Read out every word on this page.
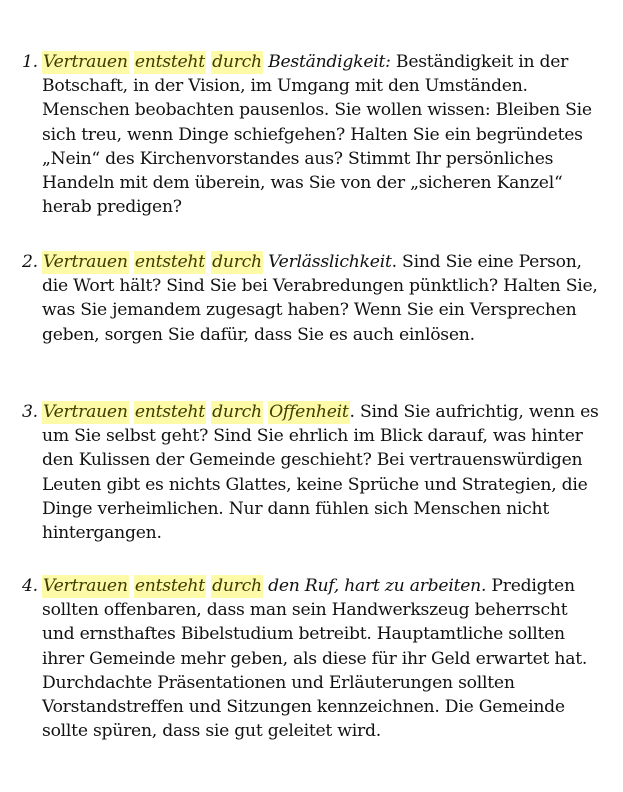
1. Vertrauen entsteht durch Beständigkeit: Beständigkeit in der Botschaft, in der Vision, im Umgang mit den Umständen. Menschen beobachten pausenlos. Sie wollen wissen: Bleiben Sie sich treu, wenn Dinge schiefgehen? Halten Sie ein begründetes „Nein“ des Kirchenvorstandes aus? Stimmt Ihr persönliches Handeln mit dem überein, was Sie von der „sicheren Kanzel“ herab predigen?
2. Vertrauen entsteht durch Verlässlichkeit. Sind Sie eine Person, die Wort hält? Sind Sie bei Verabredungen pünktlich? Halten Sie, was Sie jemandem zugesagt haben? Wenn Sie ein Versprechen geben, sorgen Sie dafür, dass Sie es auch einlösen.
3. Vertrauen entsteht durch Offenheit. Sind Sie aufrichtig, wenn es um Sie selbst geht? Sind Sie ehrlich im Blick darauf, was hinter den Kulissen der Gemeinde geschieht? Bei vertrauenswürdigen Leuten gibt es nichts Glattes, keine Sprüche und Strategien, die Dinge verheimlichen. Nur dann fühlen sich Menschen nicht hintergangen.
4. Vertrauen entsteht durch den Ruf, hart zu arbeiten. Predigten sollten offenbaren, dass man sein Handwerkszeug beherrscht und ernsthaftes Bibelstudium betreibt. Hauptamtliche sollten ihrer Gemeinde mehr geben, als diese für ihr Geld erwartet hat. Durchdachte Präsentationen und Erläuterungen sollten Vorstandstreffen und Sitzungen kennzeichnen. Die Gemeinde sollte spüren, dass sie gut geleitet wird.
